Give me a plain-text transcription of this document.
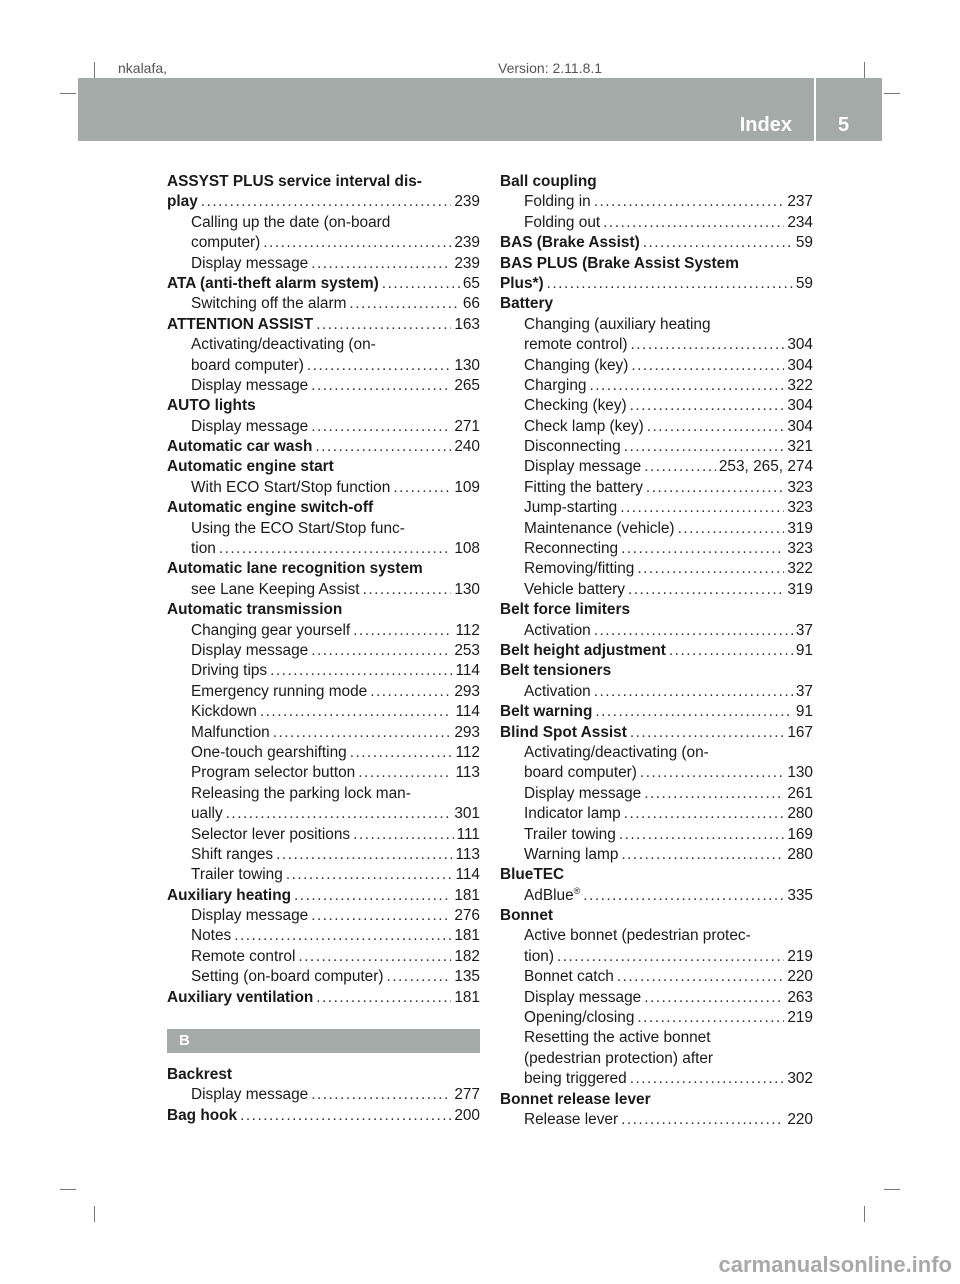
nkalafa,	Version: 2.11.8.1
Index 5
ASSYST PLUS service interval dis-
play .....	239
Calling up the date (on-board
computer) .....	239
Display message .....	239
ATA (anti-theft alarm system) .....	65
Switching off the alarm .....	66
ATTENTION ASSIST .....	163
Activating/deactivating (on-
board computer) .....	130
Display message .....	265
AUTO lights
Display message .....	271
Automatic car wash .....	240
Automatic engine start
With ECO Start/Stop function .....	109
Automatic engine switch-off
Using the ECO Start/Stop func-
tion .....	108
Automatic lane recognition system
see Lane Keeping Assist .....	130
Automatic transmission
Changing gear yourself .....	112
Display message .....	253
Driving tips .....	114
Emergency running mode .....	293
Kickdown .....	114
Malfunction .....	293
One-touch gearshifting .....	112
Program selector button .....	113
Releasing the parking lock man-
ually .....	301
Selector lever positions .....	111
Shift ranges .....	113
Trailer towing .....	114
Auxiliary heating .....	181
Display message .....	276
Notes .....	181
Remote control .....	182
Setting (on-board computer) .....	135
Auxiliary ventilation .....	181
B
Backrest
Display message .....	277
Bag hook .....	200
Ball coupling
Folding in .....	237
Folding out .....	234
BAS (Brake Assist) .....	59
BAS PLUS (Brake Assist System
Plus*) .....	59
Battery
Changing (auxiliary heating
remote control) .....	304
Changing (key) .....	304
Charging .....	322
Checking (key) .....	304
Check lamp (key) .....	304
Disconnecting .....	321
Display message .....	253, 265, 274
Fitting the battery .....	323
Jump-starting .....	323
Maintenance (vehicle) .....	319
Reconnecting .....	323
Removing/fitting .....	322
Vehicle battery .....	319
Belt force limiters
Activation .....	37
Belt height adjustment .....	91
Belt tensioners
Activation .....	37
Belt warning .....	91
Blind Spot Assist .....	167
Activating/deactivating (on-
board computer) .....	130
Display message .....	261
Indicator lamp .....	280
Trailer towing .....	169
Warning lamp .....	280
BlueTEC
AdBlue® .....	335
Bonnet
Active bonnet (pedestrian protec-
tion) .....	219
Bonnet catch .....	220
Display message .....	263
Opening/closing .....	219
Resetting the active bonnet
(pedestrian protection) after
being triggered .....	302
Bonnet release lever
Release lever .....	220
carmanualsonline.info
